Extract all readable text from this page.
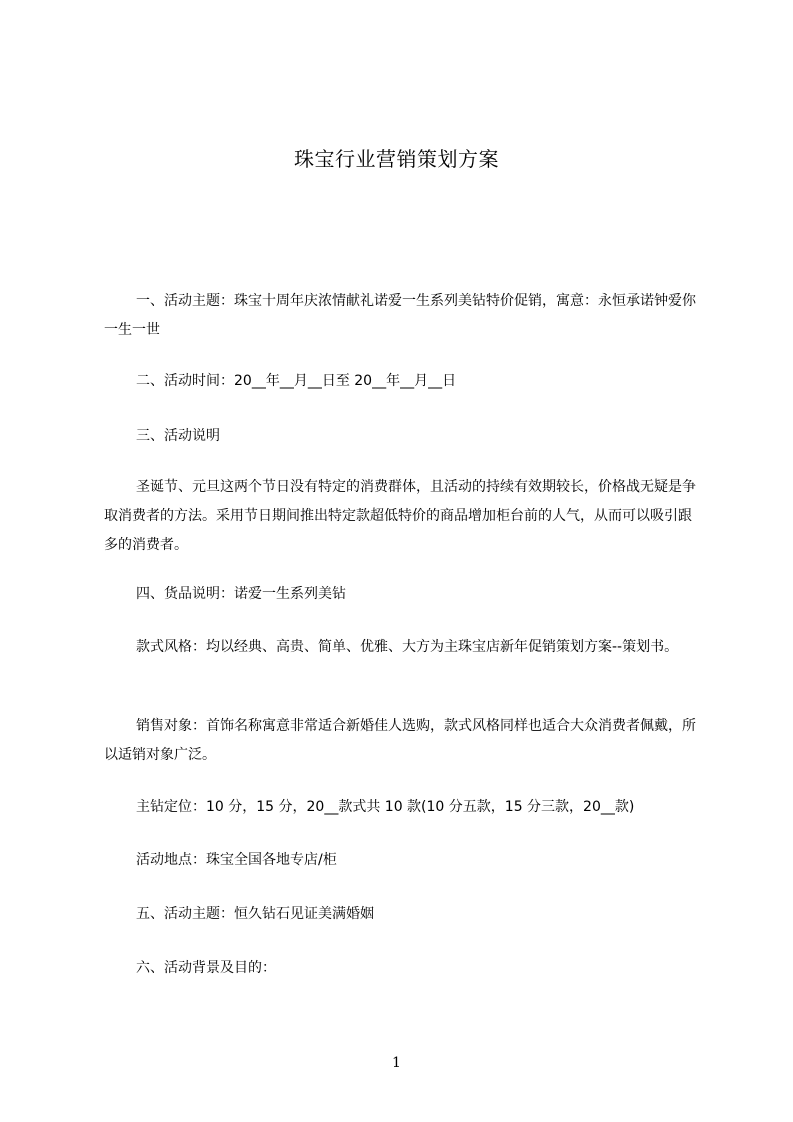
珠宝行业营销策划方案

一、活动主题：珠宝十周年庆浓情献礼诺爱一生系列美钻特价促销，寓意：永恒承诺钟爱你一生一世

二、活动时间：20__年__月__日至 20__年__月__日

三、活动说明

圣诞节、元旦这两个节日没有特定的消费群体，且活动的持续有效期较长，价格战无疑是争取消费者的方法。采用节日期间推出特定款超低特价的商品增加柜台前的人气，从而可以吸引跟多的消费者。

四、货品说明：诺爱一生系列美钻

款式风格：均以经典、高贵、简单、优雅、大方为主珠宝店新年促销策划方案--策划书。

销售对象：首饰名称寓意非常适合新婚佳人选购，款式风格同样也适合大众消费者佩戴，所以适销对象广泛。

主钻定位：10 分，15 分，20__款式共 10 款(10 分五款，15 分三款，20__款)

活动地点：珠宝全国各地专店/柜

五、活动主题：恒久钻石见证美满婚姻

六、活动背景及目的：

1
